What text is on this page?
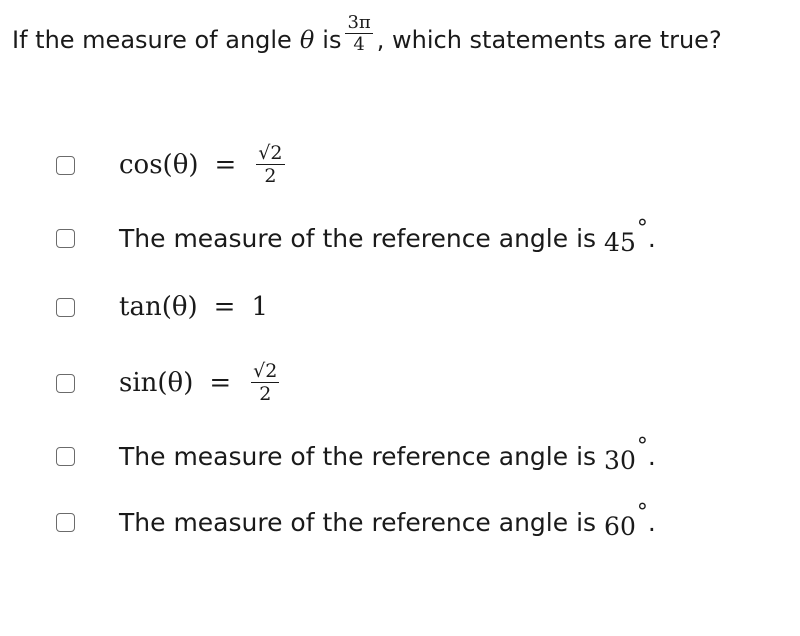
If the measure of angle θ is $\frac{3\pi}{4}$ , which statements are true?
$\cos(\theta) = \frac{√2}{2}$
The measure of the reference angle is 45 ° .
tan(θ) = 1
$\sin(\theta) = \frac{√2}{2}$
The measure of the reference angle is 30 ° .
The measure of the reference angle is 60 ° .
